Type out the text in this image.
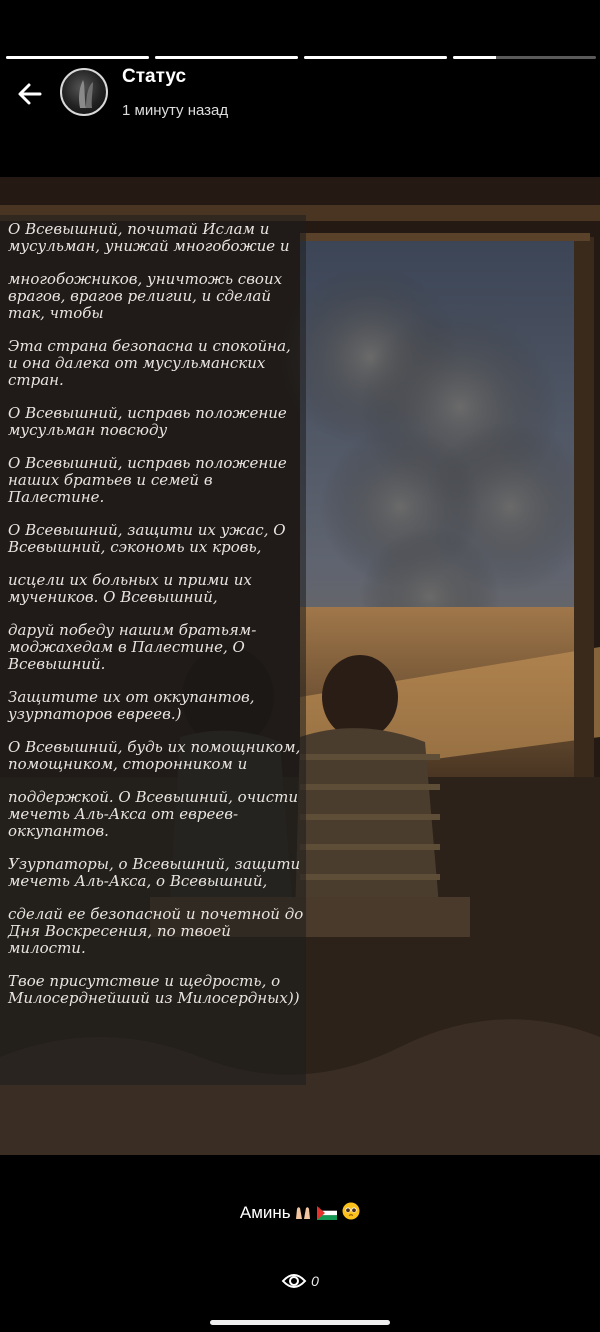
Статус
1 минуту назад

О Всевышний, почитай Ислам и мусульман, унижай многобожие и

многобожников, уничтожь своих врагов, врагов религии, и сделай так, чтобы

Эта страна безопасна и спокойна, и она далека от мусульманских стран.

О Всевышний, исправь положение мусульман повсюду

О Всевышний, исправь положение наших братьев и семей в Палестине.

О Всевышний, защити их ужас, О Всевышний, сэкономь их кровь,

исцели их больных и прими их мучеников. О Всевышний,

даруй победу нашим братьям-моджахедам в Палестине, О Всевышний.

Защитите их от оккупантов, узурпаторов евреев.)

О Всевышний, будь их помощником, помощником, сторонником и

поддержкой. О Всевышний, очисти мечеть Аль-Акса от евреев-оккупантов.

Узурпаторы, о Всевышний, защити мечеть Аль-Акса, о Всевышний,

сделай ее безопасной и почетной до Дня Воскресения, по твоей милости.

Твое присутствие и щедрость, о Милосерднейший из Милосердных))

Аминь
0
